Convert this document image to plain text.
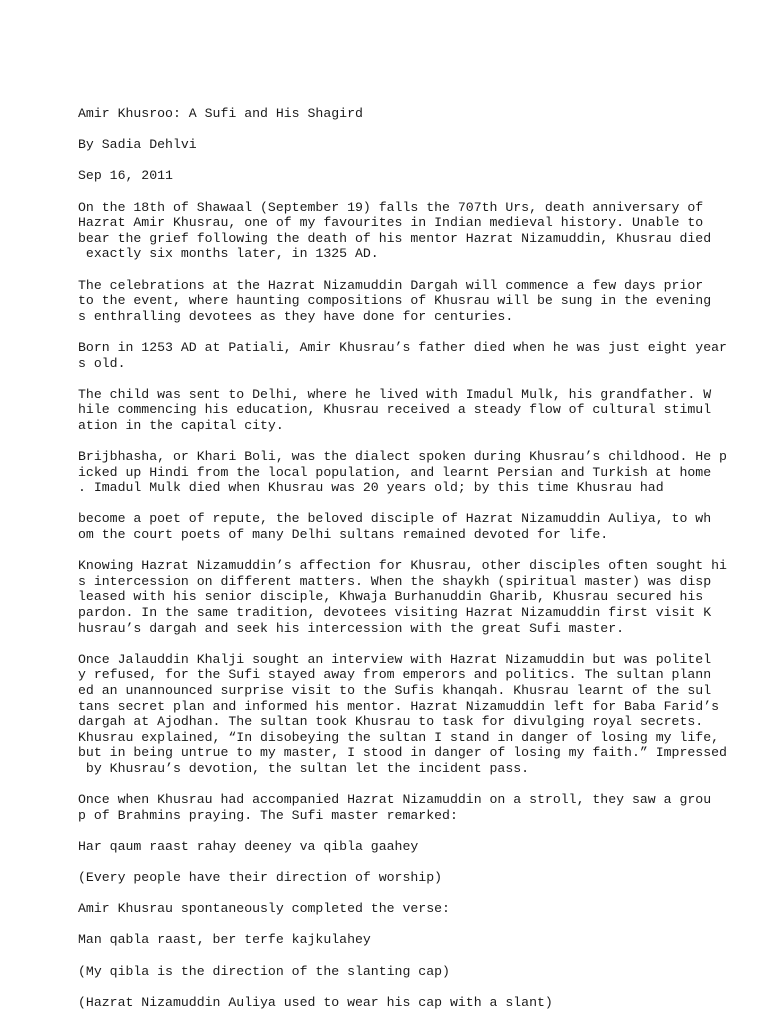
Amir Khusroo: A Sufi and His Shagird
By Sadia Dehlvi
Sep 16, 2011
On the 18th of Shawaal (September 19) falls the 707th Urs, death anniversary of
Hazrat Amir Khusrau, one of my favourites in Indian medieval history. Unable to
bear the grief following the death of his mentor Hazrat Nizamuddin, Khusrau died
exactly six months later, in 1325 AD.
The celebrations at the Hazrat Nizamuddin Dargah will commence a few days prior
to the event, where haunting compositions of Khusrau will be sung in the evening
s enthralling devotees as they have done for centuries.
Born in 1253 AD at Patiali, Amir Khusrau’s father died when he was just eight year
s old.
The child was sent to Delhi, where he lived with Imadul Mulk, his grandfather. W
hile commencing his education, Khusrau received a steady flow of cultural stimul
ation in the capital city.
Brijbhasha, or Khari Boli, was the dialect spoken during Khusrau’s childhood. He p
icked up Hindi from the local population, and learnt Persian and Turkish at home
. Imadul Mulk died when Khusrau was 20 years old; by this time Khusrau had
become a poet of repute, the beloved disciple of Hazrat Nizamuddin Auliya, to wh
om the court poets of many Delhi sultans remained devoted for life.
Knowing Hazrat Nizamuddin’s affection for Khusrau, other disciples often sought hi
s intercession on different matters. When the shaykh (spiritual master) was disp
leased with his senior disciple, Khwaja Burhanuddin Gharib, Khusrau secured his
pardon. In the same tradition, devotees visiting Hazrat Nizamuddin first visit K
husrau’s dargah and seek his intercession with the great Sufi master.
Once Jalauddin Khalji sought an interview with Hazrat Nizamuddin but was politel
y refused, for the Sufi stayed away from emperors and politics. The sultan plann
ed an unannounced surprise visit to the Sufis khanqah. Khusrau learnt of the sul
tans secret plan and informed his mentor. Hazrat Nizamuddin left for Baba Farid’s
dargah at Ajodhan. The sultan took Khusrau to task for divulging royal secrets.
Khusrau explained, “In disobeying the sultan I stand in danger of losing my life,
but in being untrue to my master, I stood in danger of losing my faith.” Impressed
by Khusrau’s devotion, the sultan let the incident pass.
Once when Khusrau had accompanied Hazrat Nizamuddin on a stroll, they saw a grou
p of Brahmins praying. The Sufi master remarked:
Har qaum raast rahay deeney va qibla gaahey
(Every people have their direction of worship)
Amir Khusrau spontaneously completed the verse:
Man qabla raast, ber terfe kajkulahey
(My qibla is the direction of the slanting cap)
(Hazrat Nizamuddin Auliya used to wear his cap with a slant)
